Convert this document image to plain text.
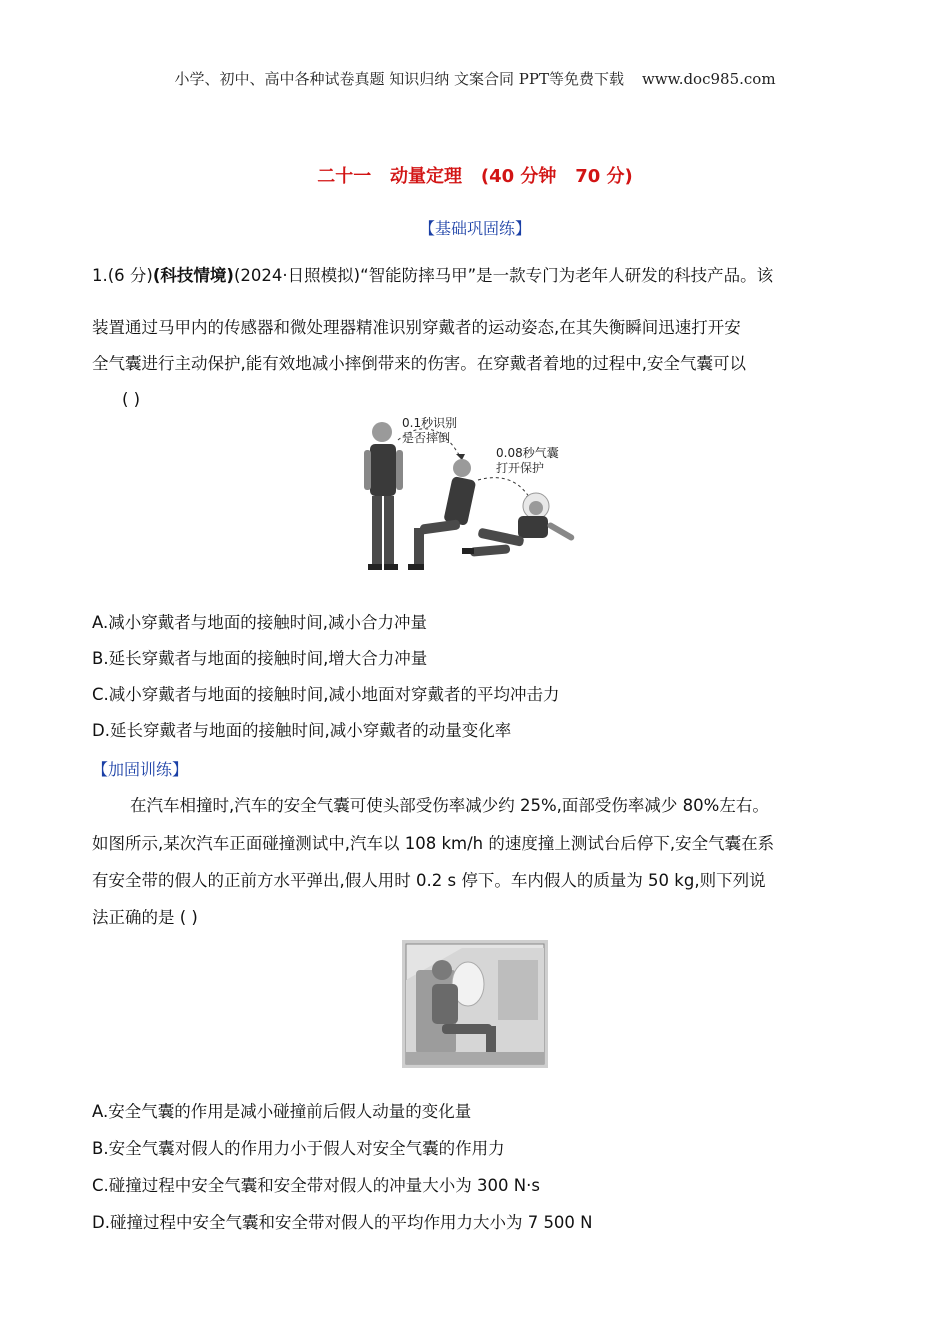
小学、初中、高中各种试卷真题 知识归纳 文案合同 PPT等免费下载 www.doc985.com
二十一   动量定理   (40 分钟   70 分)
【基础巩固练】
1.(6 分)(科技情境)(2024·日照模拟)“智能防摔马甲”是一款专门为老年人研发的科技产品。该
装置通过马甲内的传感器和微处理器精准识别穿戴者的运动姿态,在其失衡瞬间迅速打开安
全气囊进行主动保护,能有效地减小摔倒带来的伤害。在穿戴者着地的过程中,安全气囊可以
( )
0.1秒识别
是否摔倒
0.08秒气囊
打开保护
A.减小穿戴者与地面的接触时间,减小合力冲量
B.延长穿戴者与地面的接触时间,增大合力冲量
C.减小穿戴者与地面的接触时间,减小地面对穿戴者的平均冲击力
D.延长穿戴者与地面的接触时间,减小穿戴者的动量变化率
【加固训练】
在汽车相撞时,汽车的安全气囊可使头部受伤率减少约 25%,面部受伤率减少 80%左右。
如图所示,某次汽车正面碰撞测试中,汽车以 108 km/h 的速度撞上测试台后停下,安全气囊在系
有安全带的假人的正前方水平弹出,假人用时 0.2 s 停下。车内假人的质量为 50 kg,则下列说
法正确的是 ( )
A.安全气囊的作用是减小碰撞前后假人动量的变化量
B.安全气囊对假人的作用力小于假人对安全气囊的作用力
C.碰撞过程中安全气囊和安全带对假人的冲量大小为 300 N·s
D.碰撞过程中安全气囊和安全带对假人的平均作用力大小为 7 500 N
